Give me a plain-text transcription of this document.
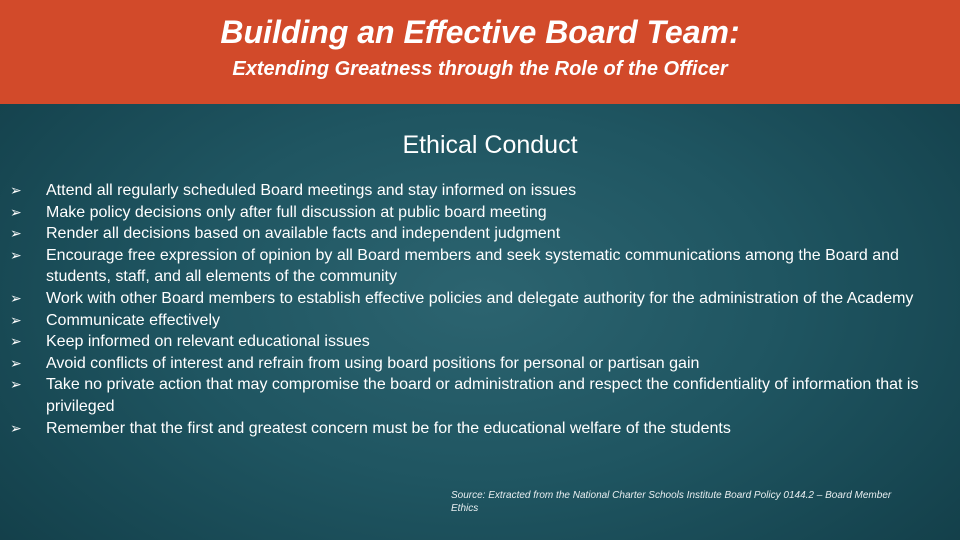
Building an Effective Board Team:
Extending Greatness through the Role of the Officer
Ethical Conduct
➢ Attend all regularly scheduled Board meetings and stay informed on issues
➢ Make policy decisions only after full discussion at public board meeting
➢ Render all decisions based on available facts and independent judgment
➢ Encourage free expression of opinion by all Board members and seek systematic communications among the Board and students, staff, and all elements of the community
➢ Work with other Board members to establish effective policies and delegate authority for the administration of the Academy
➢ Communicate effectively
➢ Keep informed on relevant educational issues
➢ Avoid conflicts of interest and refrain from using board positions for personal or partisan gain
➢ Take no private action that may compromise the board or administration and respect the confidentiality of information that is privileged
➢ Remember that the first and greatest concern must be for the educational welfare of the students
Source: Extracted from the National Charter Schools Institute Board Policy 0144.2 – Board Member Ethics
